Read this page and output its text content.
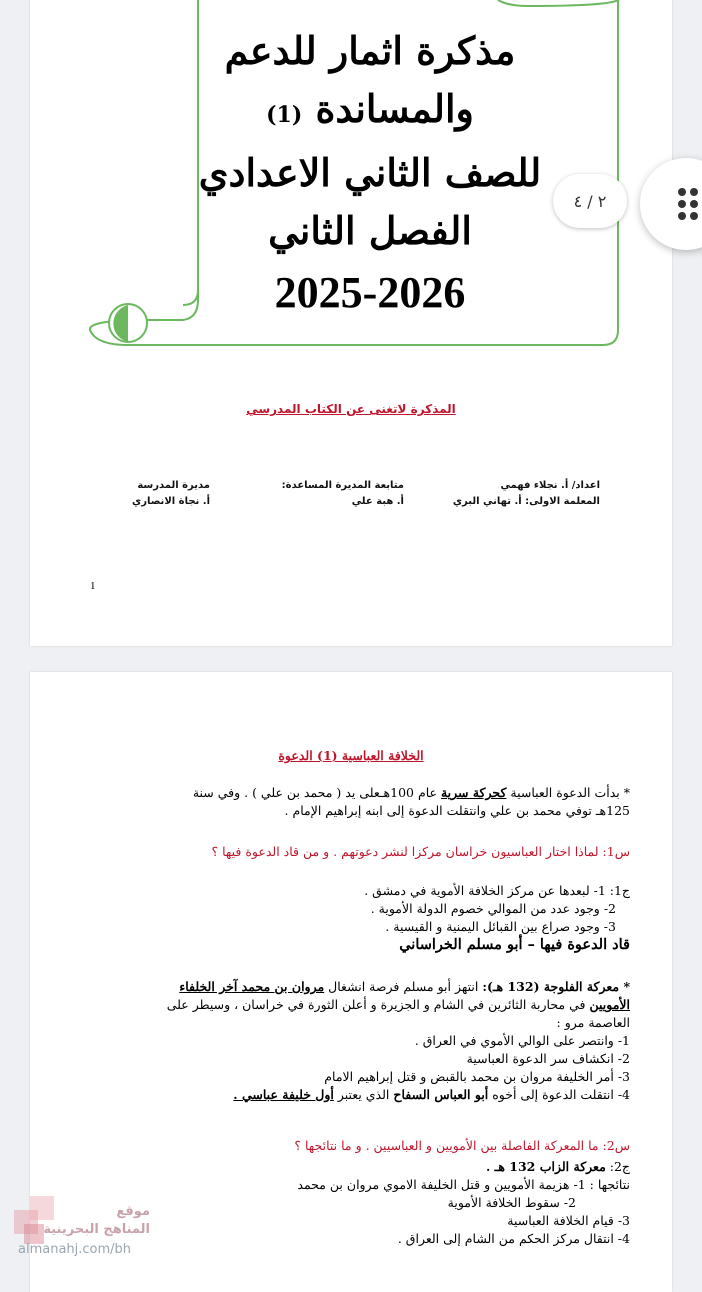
مذكرة اثمار للدعم
والمساندة (1)
للصف الثاني الاعدادي
الفصل الثاني
2025-2026
المذكرة لاتغنى عن الكتاب المدرسي
اعداد/ أ. نجلاء فهمي
المعلمة الاولى: أ. تهاني البري
متابعة المديرة المساعدة:
أ. هبة علي
مديرة المدرسة
أ. نجاة الانصاري
1
الخلافة العباسية (1) الدعوة
* بدأت الدعوة العباسية كحركة سرية عام 100هـعلى يد ( محمد بن علي ) . وفي سنة
125هـ توفي محمد بن علي وانتقلت الدعوة إلى ابنه إبراهيم الإمام .
س1: لماذا اختار العباسيون خراسان مركزا لنشر دعوتهم . و من قاد الدعوة فيها ؟
ج1: 1- لبعدها عن مركز الخلافة الأموية في دمشق .
2- وجود عدد من الموالي خصوم الدولة الأموية .
3- وجود صراع بين القبائل اليمنية و القيسية .
قاد الدعوة فيها – أبو مسلم الخراساني
* معركة الفلوجة (132 هـ): انتهز أبو مسلم فرصة انشغال مروان بن محمد آخر الخلفاء
الأمويين في محاربة الثائرين في الشام و الجزيرة و أعلن الثورة في خراسان ، وسيطر على
العاصمة مرو :
1- وانتصر على الوالي الأموي في العراق .
2- انكشاف سر الدعوة العباسية
3- أمر الخليفة مروان بن محمد بالقبض و قتل إبراهيم الامام
4- انتقلت الدعوة إلى أخوه أبو العباس السفاح الذي يعتبر أول خليفة عباسي .
س2: ما المعركة الفاصلة بين الأمويين و العباسيين . و ما نتائجها ؟
ج2: معركة الزاب 132 هـ .
نتائجها : 1- هزيمة الأمويين و قتل الخليفة الاموي مروان بن محمد
2- سقوط الخلافة الأموية
3- قيام الخلافة العباسية
4- انتقال مركز الحكم من الشام إلى العراق .
٢ / ٤
موقع
المناهج البحرينية
almanahj.com/bh
